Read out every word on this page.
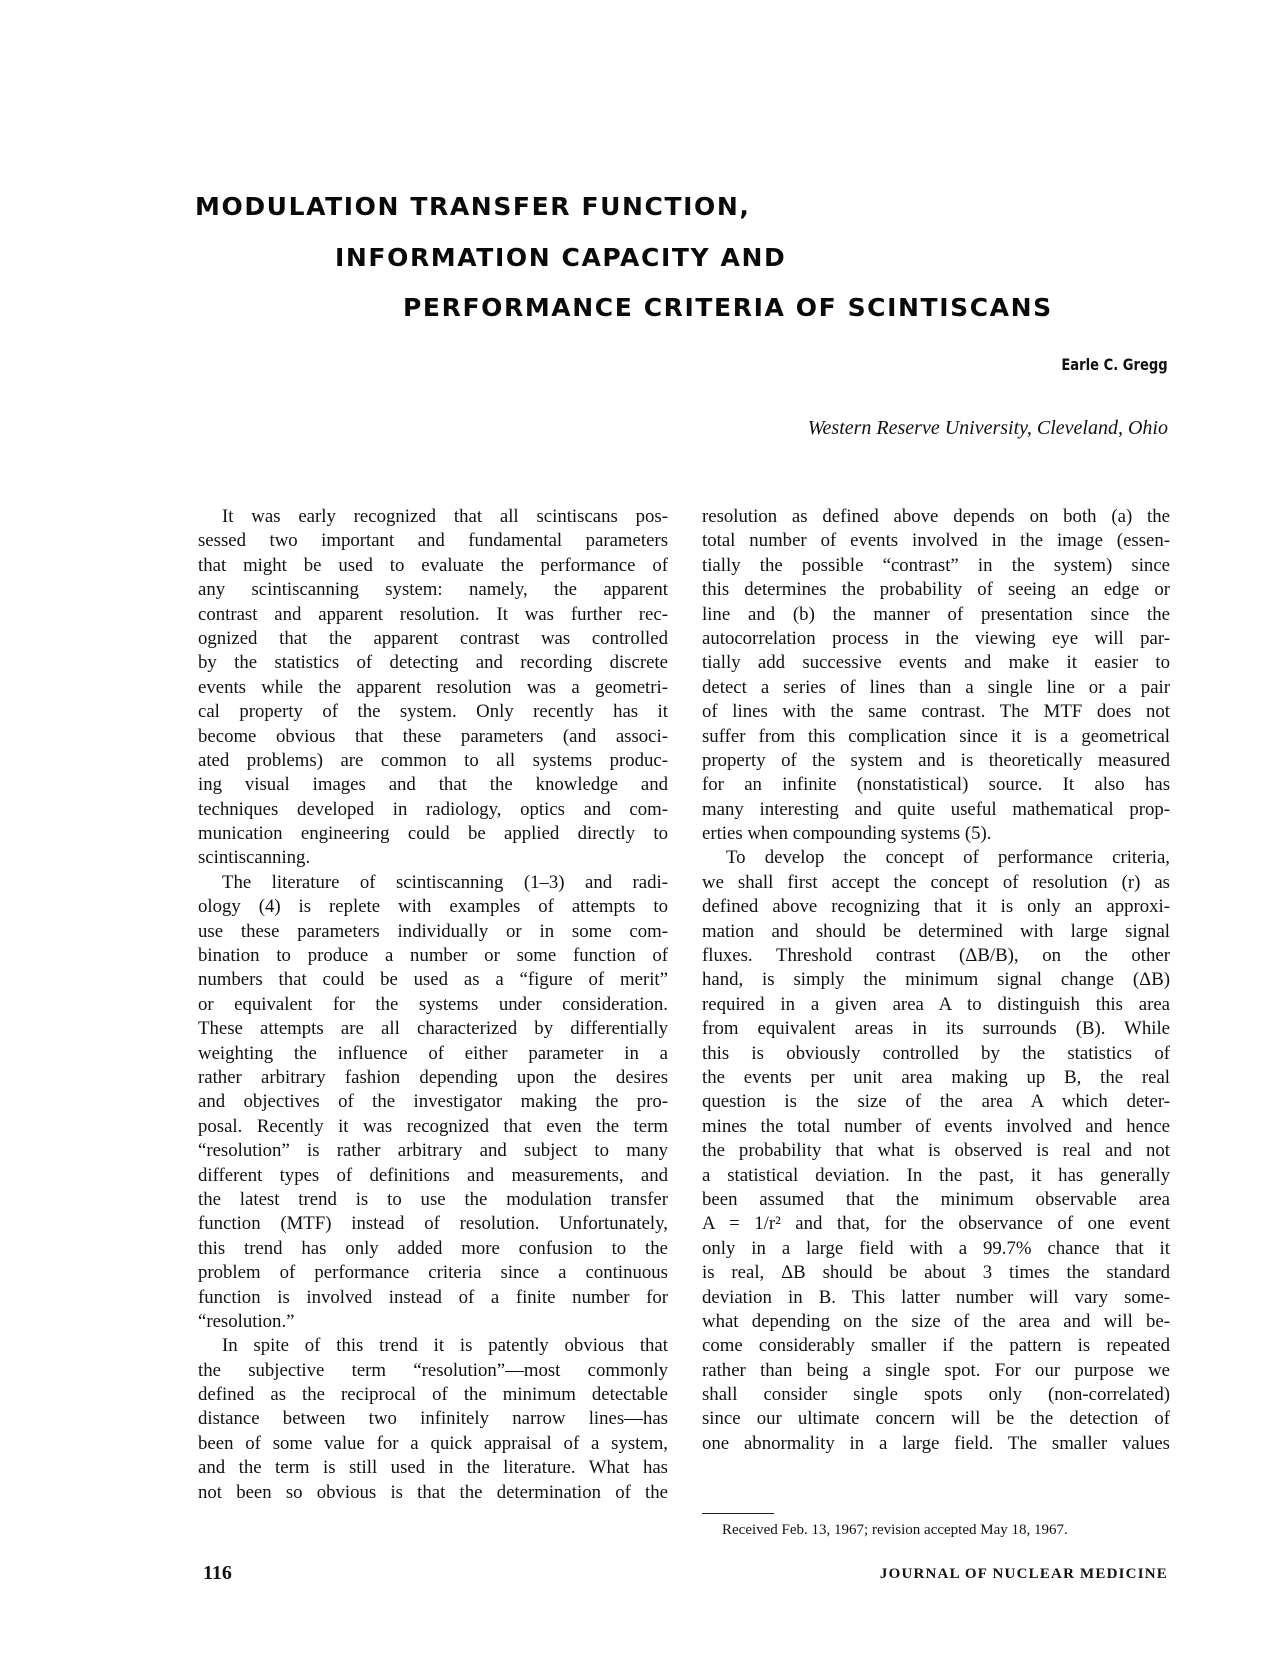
MODULATION TRANSFER FUNCTION,
INFORMATION CAPACITY AND
PERFORMANCE CRITERIA OF SCINTISCANS
Earle C. Gregg
Western Reserve University, Cleveland, Ohio
It was early recognized that all scintiscans pos-
sessed two important and fundamental parameters
that might be used to evaluate the performance of
any scintiscanning system: namely, the apparent
contrast and apparent resolution. It was further rec-
ognized that the apparent contrast was controlled
by the statistics of detecting and recording discrete
events while the apparent resolution was a geometri-
cal property of the system. Only recently has it
become obvious that these parameters (and associ-
ated problems) are common to all systems produc-
ing visual images and that the knowledge and
techniques developed in radiology, optics and com-
munication engineering could be applied directly to
scintiscanning.
The literature of scintiscanning (1–3) and radi-
ology (4) is replete with examples of attempts to
use these parameters individually or in some com-
bination to produce a number or some function of
numbers that could be used as a “figure of merit”
or equivalent for the systems under consideration.
These attempts are all characterized by differentially
weighting the influence of either parameter in a
rather arbitrary fashion depending upon the desires
and objectives of the investigator making the pro-
posal. Recently it was recognized that even the term
“resolution” is rather arbitrary and subject to many
different types of definitions and measurements, and
the latest trend is to use the modulation transfer
function (MTF) instead of resolution. Unfortunately,
this trend has only added more confusion to the
problem of performance criteria since a continuous
function is involved instead of a finite number for
“resolution.”
In spite of this trend it is patently obvious that
the subjective term “resolution”—most commonly
defined as the reciprocal of the minimum detectable
distance between two infinitely narrow lines—has
been of some value for a quick appraisal of a system,
and the term is still used in the literature. What has
not been so obvious is that the determination of the
resolution as defined above depends on both (a) the
total number of events involved in the image (essen-
tially the possible “contrast” in the system) since
this determines the probability of seeing an edge or
line and (b) the manner of presentation since the
autocorrelation process in the viewing eye will par-
tially add successive events and make it easier to
detect a series of lines than a single line or a pair
of lines with the same contrast. The MTF does not
suffer from this complication since it is a geometrical
property of the system and is theoretically measured
for an infinite (nonstatistical) source. It also has
many interesting and quite useful mathematical prop-
erties when compounding systems (5).
To develop the concept of performance criteria,
we shall first accept the concept of resolution (r) as
defined above recognizing that it is only an approxi-
mation and should be determined with large signal
fluxes. Threshold contrast (ΔB/B), on the other
hand, is simply the minimum signal change (ΔB)
required in a given area A to distinguish this area
from equivalent areas in its surrounds (B). While
this is obviously controlled by the statistics of
the events per unit area making up B, the real
question is the size of the area A which deter-
mines the total number of events involved and hence
the probability that what is observed is real and not
a statistical deviation. In the past, it has generally
been assumed that the minimum observable area
A = 1/r² and that, for the observance of one event
only in a large field with a 99.7% chance that it
is real, ΔB should be about 3 times the standard
deviation in B. This latter number will vary some-
what depending on the size of the area and will be-
come considerably smaller if the pattern is repeated
rather than being a single spot. For our purpose we
shall consider single spots only (non-correlated)
since our ultimate concern will be the detection of
one abnormality in a large field. The smaller values
Received Feb. 13, 1967; revision accepted May 18, 1967.
116	JOURNAL OF NUCLEAR MEDICINE
